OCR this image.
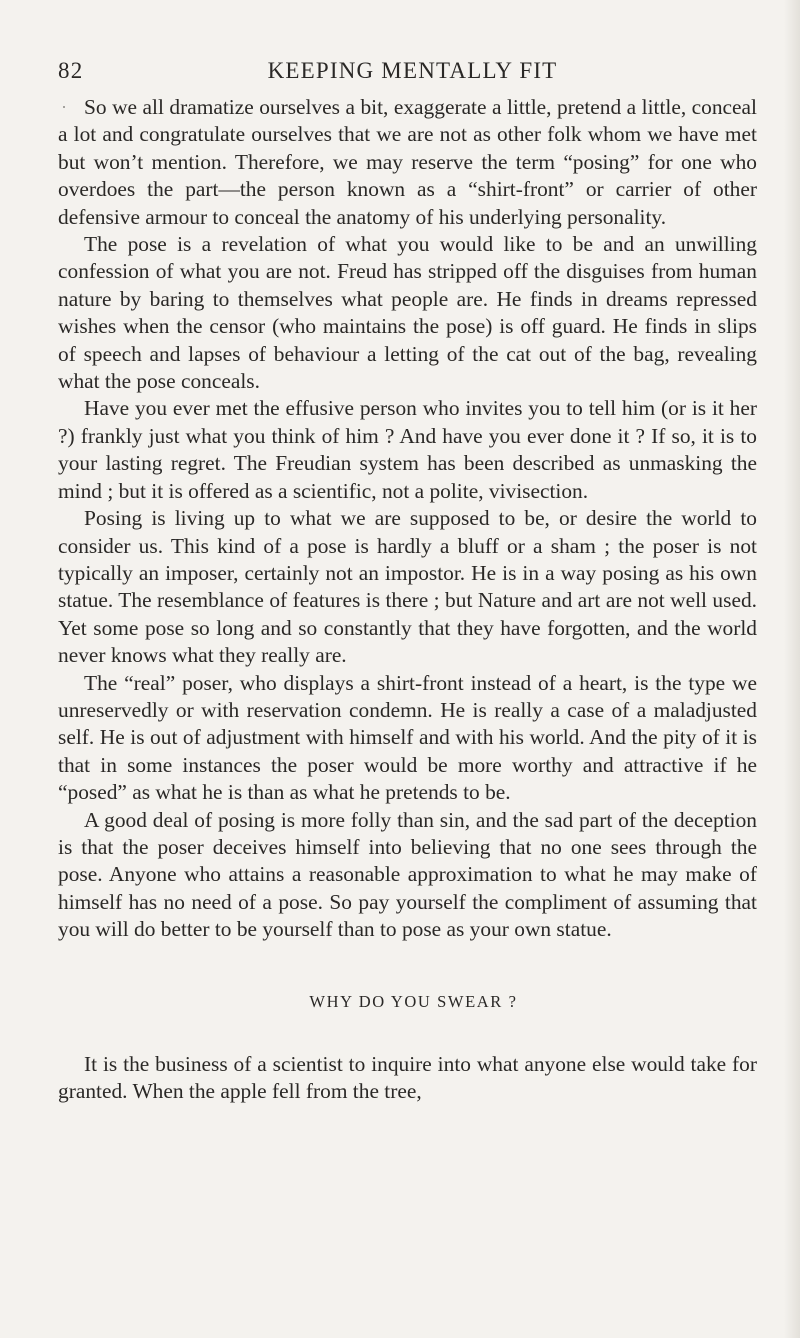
82	KEEPING MENTALLY FIT

So we all dramatize ourselves a bit, exaggerate a little, pretend a little, conceal a lot and congratulate ourselves that we are not as other folk whom we have met but won’t mention. Therefore, we may reserve the term “posing” for one who overdoes the part—the person known as a “shirt-front” or carrier of other defensive armour to conceal the anatomy of his underlying personality.

The pose is a revelation of what you would like to be and an unwilling confession of what you are not. Freud has stripped off the disguises from human nature by baring to themselves what people are. He finds in dreams repressed wishes when the censor (who maintains the pose) is off guard. He finds in slips of speech and lapses of behaviour a letting of the cat out of the bag, revealing what the pose conceals.

Have you ever met the effusive person who invites you to tell him (or is it her ?) frankly just what you think of him ? And have you ever done it ? If so, it is to your lasting regret. The Freudian system has been described as unmasking the mind ; but it is offered as a scientific, not a polite, vivisection.

Posing is living up to what we are supposed to be, or desire the world to consider us. This kind of a pose is hardly a bluff or a sham ; the poser is not typically an imposer, certainly not an impostor. He is in a way posing as his own statue. The resemblance of features is there ; but Nature and art are not well used. Yet some pose so long and so constantly that they have forgotten, and the world never knows what they really are.

The “real” poser, who displays a shirt-front instead of a heart, is the type we unreservedly or with reservation condemn. He is really a case of a maladjusted self. He is out of adjustment with himself and with his world. And the pity of it is that in some instances the poser would be more worthy and attractive if he “posed” as what he is than as what he pretends to be.

A good deal of posing is more folly than sin, and the sad part of the deception is that the poser deceives himself into believing that no one sees through the pose. Anyone who attains a reasonable approximation to what he may make of himself has no need of a pose. So pay yourself the compliment of assuming that you will do better to be yourself than to pose as your own statue.

WHY DO YOU SWEAR ?

It is the business of a scientist to inquire into what anyone else would take for granted. When the apple fell from the tree,
